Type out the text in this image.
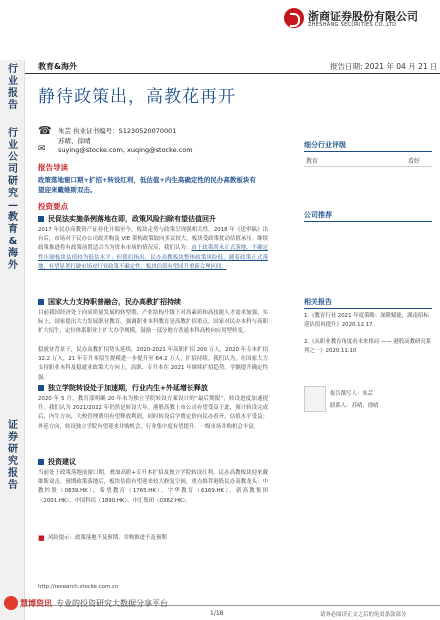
行业报告
行业公司研究—教育&海外
证券研究报告
浙商证券股份有限公司
ZHESHANG SECURITIES CO.,LTD
教育&海外	报告日期: 2021 年 04 月 21 日
静待政策出，高教花再开
☎ 朱芸 执业证书编号：S1230520070001
苏晴、徐晴
✉ suying@stocke.com, xuqing@stocke.com
报告导读
政策落地窗口期+扩招+转设红利，低估值+内生高确定性的民办高教板块有望迎来戴维斯双击。
投资要点
民促法实施条例落地在即，政策风险扫除有望估值回升
2017 年民办高教资产证券化开端至今，板块走势与政策呈现强相关性。2018 年《送审稿》出台后，市场对于民办公司政并购及 VIE 架构政策取向多议较大，板块受政策扰动估值承压。继续政策推进将有政策前置适合当为资本市场的情况反，我们认为：由于政策尚未正式落地，不确定性压制板块估值较为低估水平；但我们指出，民办高教板块整体政策风险低，随着政策正式落地，有望显著打破市场对行业政策不确定性，板块估值有望回升重新合理区间。
国家大力支持职普融合，民办高教扩招持续
目前我国经济处于向高质量发展的转型期，产业结构升级下对高素质和高技能人才需求加强。实际上，国家提出大力发展职业教育，强调职业本科教育是高教扩招重点。国家对民办本科与高职扩大招生，定位体系职业上扩大办学规模，鼓励一部分地方普通本科高校向应用型转变。
稳就业背景下，民办高教扩招势头延续，2020-2021 年高职扩招 200 万人，2020 年专本扩招 32.2 万人，21 年专升本招生规模进一步提升至 64.2 万人，扩招持续。我们认为，在国家大力支持职业本科及稳就业政策大方向上，高职、专升本在 2021 年继续扩招趋势，学额提升确定性强。
独立学院转设处于加速期，行业内生+外延增长释放
2020 年 5 月，教育部明确 20 年末为独立学院转设方案设计的“最后期限”，转设进度加速提升。我们认为 2021/2022 年仍然是转设大年。港股高教上市公司有望受益于此，预计转设完成后，内生方向，大校管理费用有望释放利润，同时转设后学费定价向民办看齐，估值水平受益；外延方向，转设独立学院有望迎来并购机会，行业集中度有望提升。一级市场并购机会丰富。
投资建议
当前处于政策落地前窗口期，叠加高职+专升本扩招及独立学院转设红利，民办高教板块迎来戴维斯双击。预期政策落地后，板块估值有望迎来较大修复空间，重点推荐港股民办高教龙头：中教控股（0839.HK）、希望教育（1765.HK）、宇华教育（6169.HK）、新高教集团（2001.HK）、中国科培（1890.HK）、中汇集团（0382.HK）。
■ 风险提示：政策落地不及预期、并购推进不及预期
细分行业评级
教育	看好
公司推荐
相关报告
1.《教育行业 2021 年度策略：深耕赋能，湖南招标迎估值再提升》2020.12.17
2.《从职业教育角度看未来格局 —— 港股高教研究系列之一》2020.11.10
报告撰写人：朱芸
联系人：苏晴、徐晴
http://research.stocke.com.cn
1/18	请务必阅读正文之后的免责条款部分
慧博资讯 专业的投资研究大数据分享平台
